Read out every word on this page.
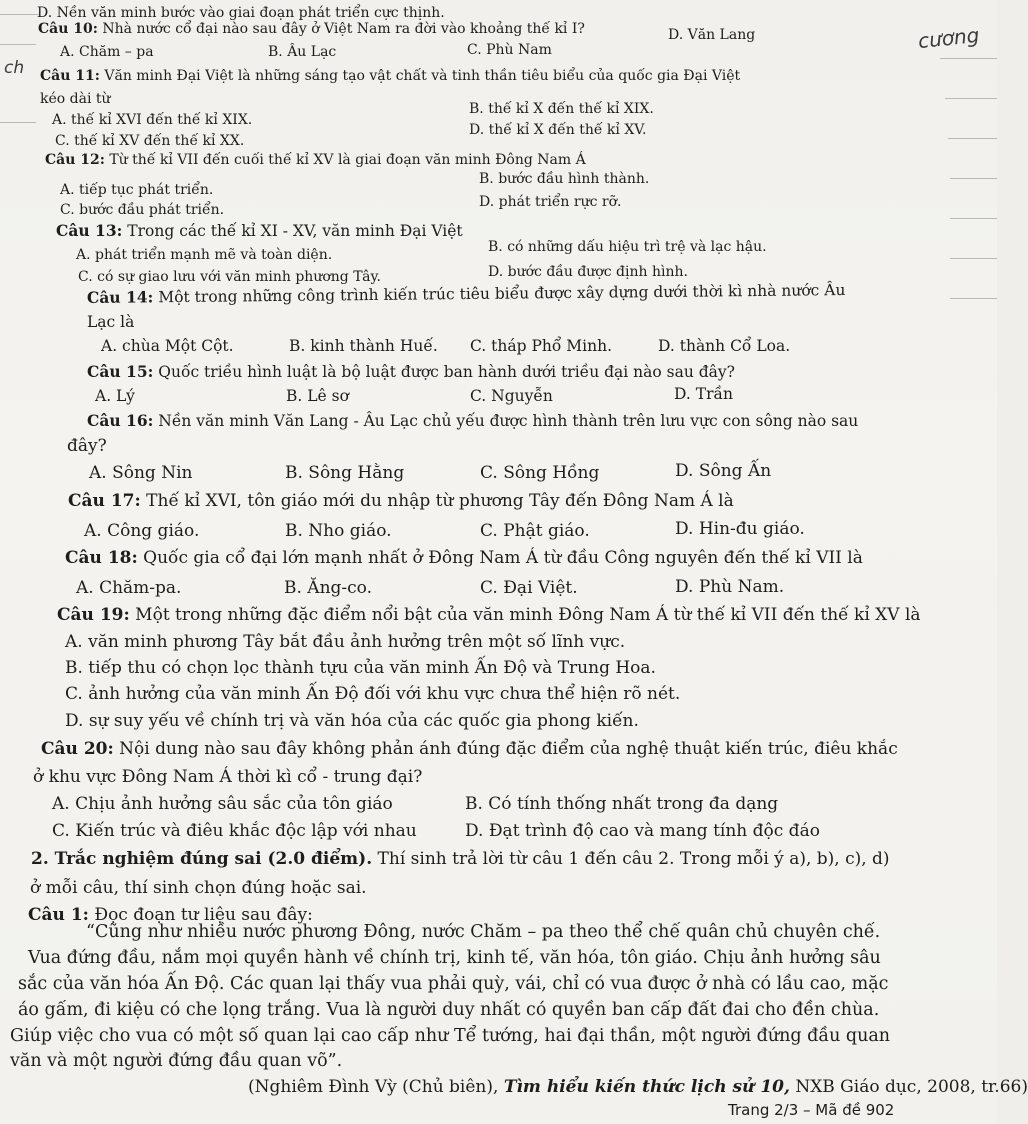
cương
ch
D. Nền văn minh bước vào giai đoạn phát triển cực thịnh.
Câu 10: Nhà nước cổ đại nào sau đây ở Việt Nam ra đời vào khoảng thế kỉ I?
A. Chăm – pa	B. Âu Lạc	C. Phù Nam
D. Văn Lang
Câu 11: Văn minh Đại Việt là những sáng tạo vật chất và tinh thần tiêu biểu của quốc gia Đại Việt
kéo dài từ
A. thế kỉ XVI đến thế kỉ XIX.
B. thế kỉ X đến thế kỉ XIX.
C. thế kỉ XV đến thế kỉ XX.
D. thế kỉ X đến thế kỉ XV.
Câu 12: Từ thế kỉ VII đến cuối thế kỉ XV là giai đoạn văn minh Đông Nam Á
A. tiếp tục phát triển.
B. bước đầu hình thành.
C. bước đầu phát triển.	D. phát triển rực rỡ.
Câu 13: Trong các thế kỉ XI - XV, văn minh Đại Việt
A. phát triển mạnh mẽ và toàn diện.	B. có những dấu hiệu trì trệ và lạc hậu.
C. có sự giao lưu với văn minh phương Tây.	D. bước đầu được định hình.
Câu 14: Một trong những công trình kiến trúc tiêu biểu được xây dựng dưới thời kì nhà nước Âu
Lạc là
A. chùa Một Cột.	B. kinh thành Huế. C. tháp Phổ Minh.	D. thành Cổ Loa.
Câu 15: Quốc triều hình luật là bộ luật được ban hành dưới triều đại nào sau đây?
A. Lý	B. Lê sơ	C. Nguyễn	D. Trần
Câu 16: Nền văn minh Văn Lang - Âu Lạc chủ yếu được hình thành trên lưu vực con sông nào sau
đây?
A. Sông Nin	B. Sông Hằng	C. Sông Hồng	D. Sông Ấn
Câu 17: Thế kỉ XVI, tôn giáo mới du nhập từ phương Tây đến Đông Nam Á là
A. Công giáo.	B. Nho giáo.	C. Phật giáo.	D. Hin-đu giáo.
Câu 18: Quốc gia cổ đại lớn mạnh nhất ở Đông Nam Á từ đầu Công nguyên đến thế kỉ VII là
A. Chăm-pa.	B. Ăng-co.	C. Đại Việt.	D. Phù Nam.
Câu 19: Một trong những đặc điểm nổi bật của văn minh Đông Nam Á từ thế kỉ VII đến thế kỉ XV là
A. văn minh phương Tây bắt đầu ảnh hưởng trên một số lĩnh vực.
B. tiếp thu có chọn lọc thành tựu của văn minh Ấn Độ và Trung Hoa.
C. ảnh hưởng của văn minh Ấn Độ đối với khu vực chưa thể hiện rõ nét.
D. sự suy yếu về chính trị và văn hóa của các quốc gia phong kiến.
Câu 20: Nội dung nào sau đây không phản ánh đúng đặc điểm của nghệ thuật kiến trúc, điêu khắc
ở khu vực Đông Nam Á thời kì cổ - trung đại?
A. Chịu ảnh hưởng sâu sắc của tôn giáo	B. Có tính thống nhất trong đa dạng
C. Kiến trúc và điêu khắc độc lập với nhau	D. Đạt trình độ cao và mang tính độc đáo
2. Trắc nghiệm đúng sai (2.0 điểm). Thí sinh trả lời từ câu 1 đến câu 2. Trong mỗi ý a), b), c), d)
ở mỗi câu, thí sinh chọn đúng hoặc sai.
Câu 1: Đọc đoạn tư liệu sau đây:
“Cũng như nhiều nước phương Đông, nước Chăm – pa theo thể chế quân chủ chuyên chế.
Vua đứng đầu, nắm mọi quyền hành về chính trị, kinh tế, văn hóa, tôn giáo. Chịu ảnh hưởng sâu
sắc của văn hóa Ấn Độ. Các quan lại thấy vua phải quỳ, vái, chỉ có vua được ở nhà có lầu cao, mặc
áo gấm, đi kiệu có che lọng trắng. Vua là người duy nhất có quyền ban cấp đất đai cho đền chùa.
Giúp việc cho vua có một số quan lại cao cấp như Tể tướng, hai đại thần, một người đứng đầu quan
văn và một người đứng đầu quan võ”.
(Nghiêm Đình Vỳ (Chủ biên), Tìm hiểu kiến thức lịch sử 10, NXB Giáo dục, 2008, tr.66)
Trang 2/3 – Mã đề 902
